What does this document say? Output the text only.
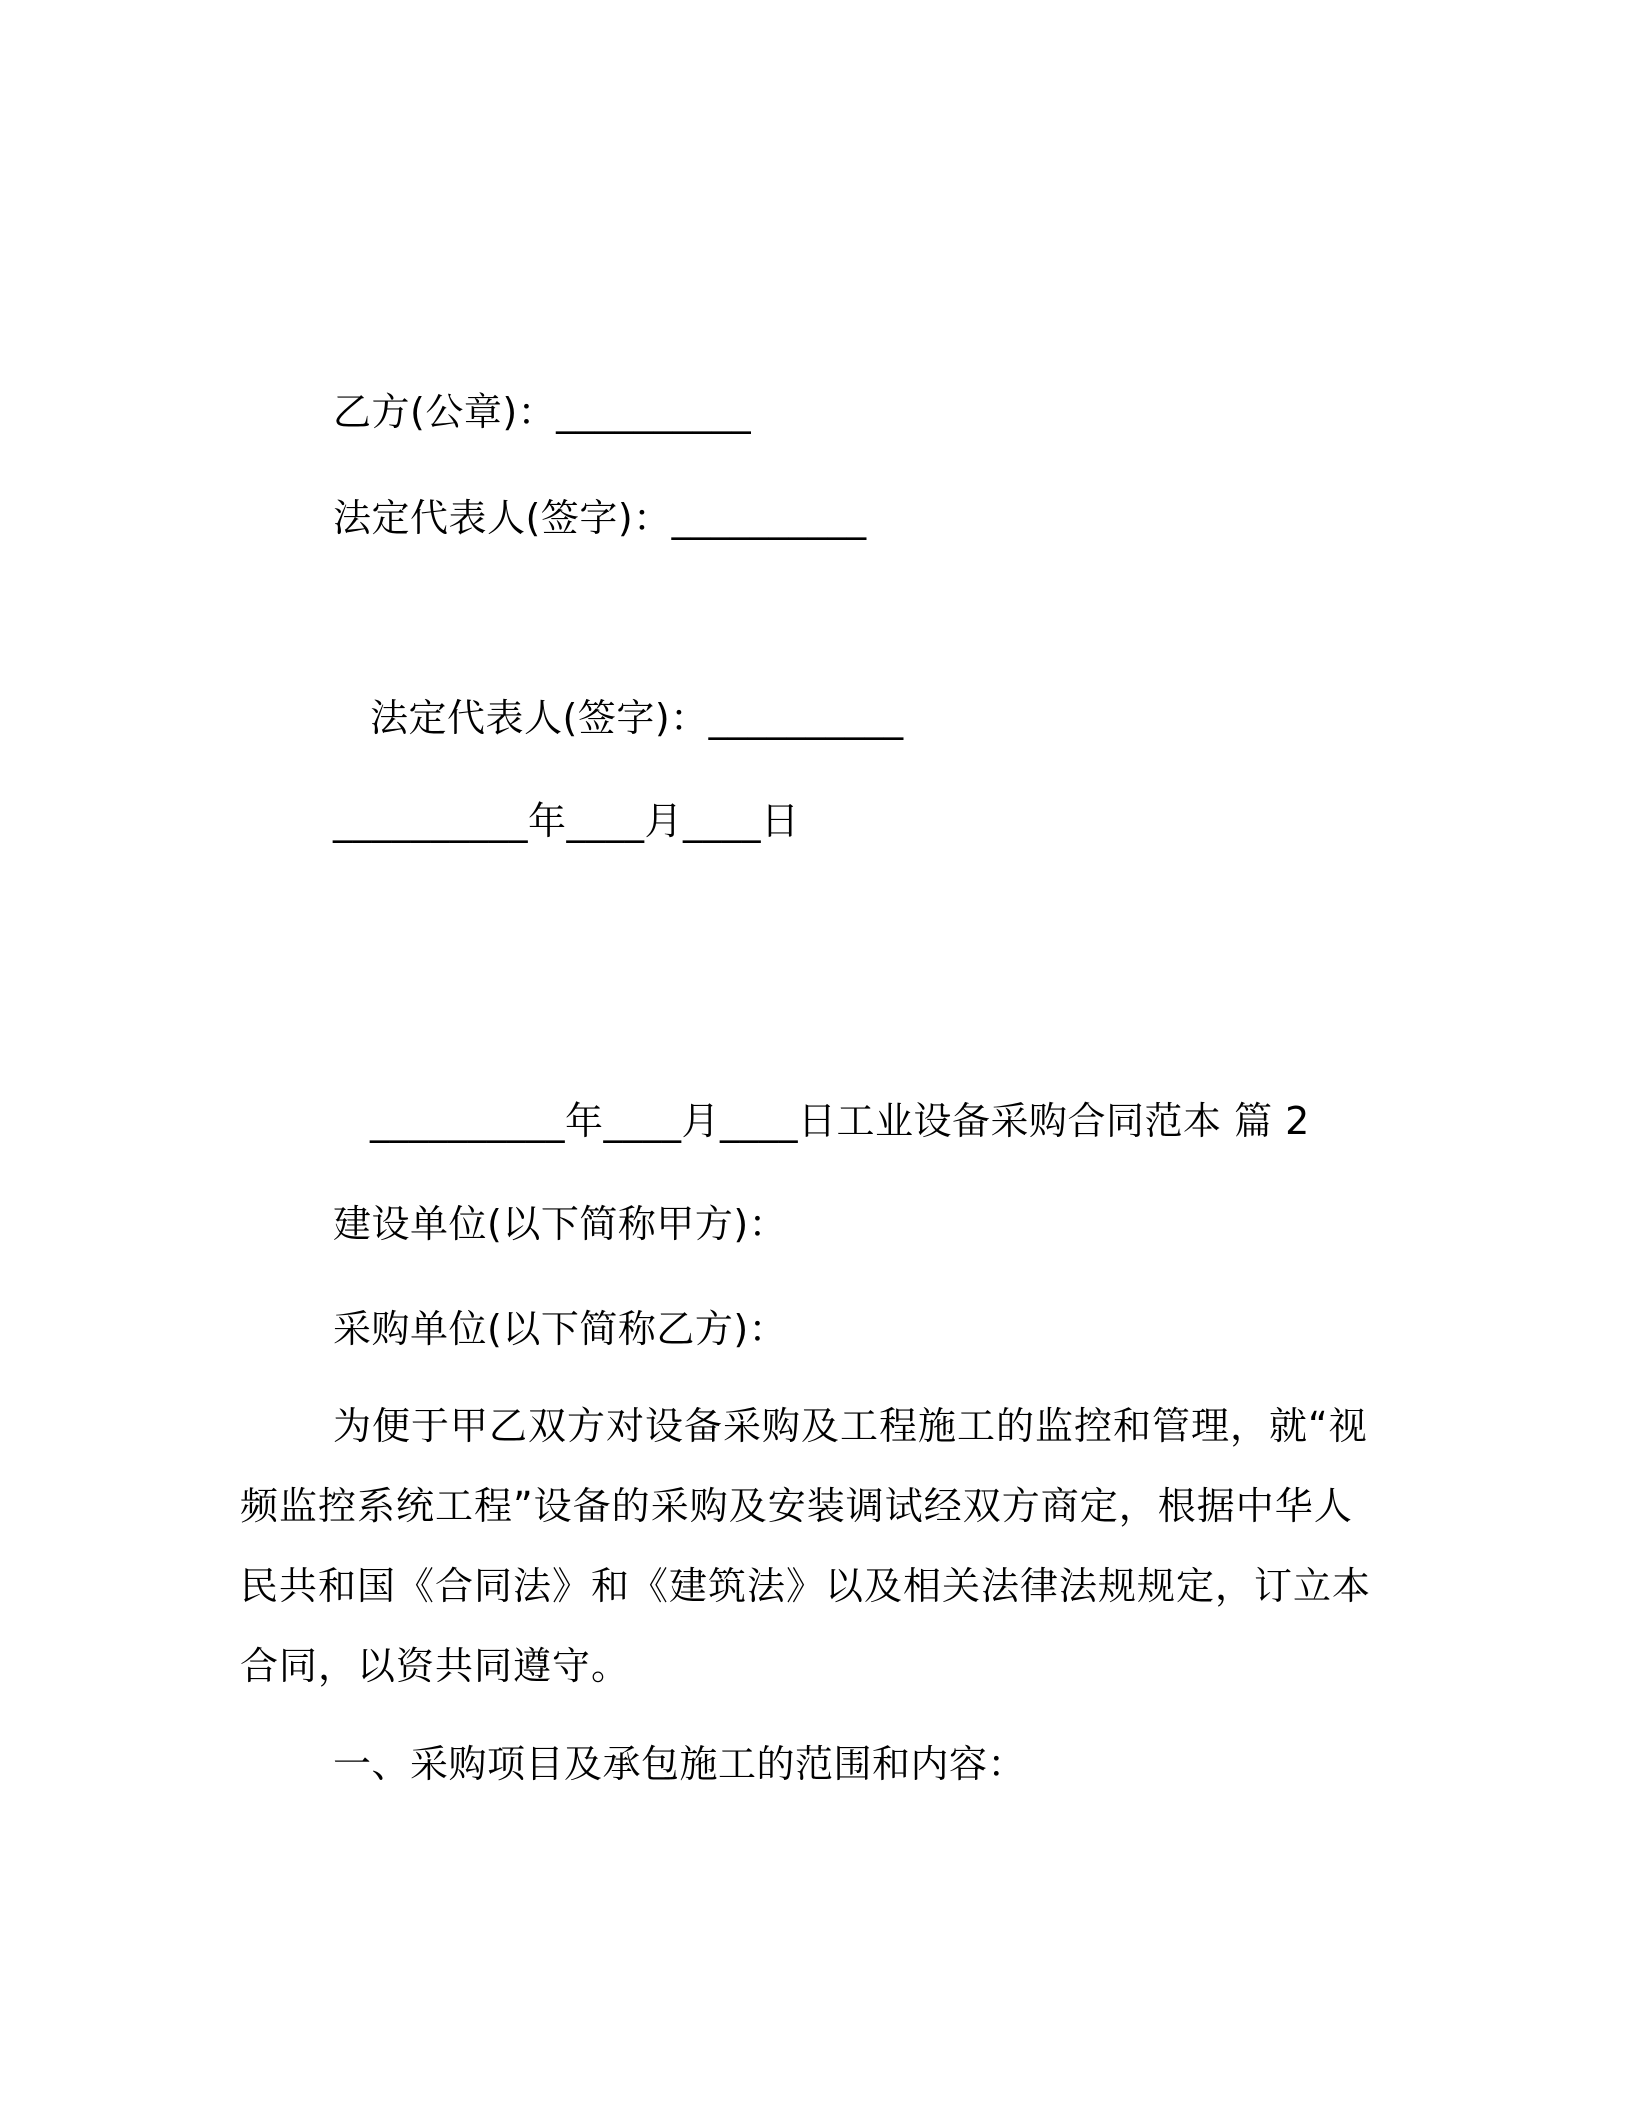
乙方(公章)：__________
法定代表人(签字)：__________
法定代表人(签字)：__________
__________年____月____日
__________年____月____日工业设备采购合同范本 篇 2
建设单位(以下简称甲方)：
采购单位(以下简称乙方)：
为便于甲乙双方对设备采购及工程施工的监控和管理，就“视频监控系统工程”设备的采购及安装调试经双方商定，根据中华人民共和国《合同法》和《建筑法》以及相关法律法规规定，订立本合同，以资共同遵守。
一、采购项目及承包施工的范围和内容：
